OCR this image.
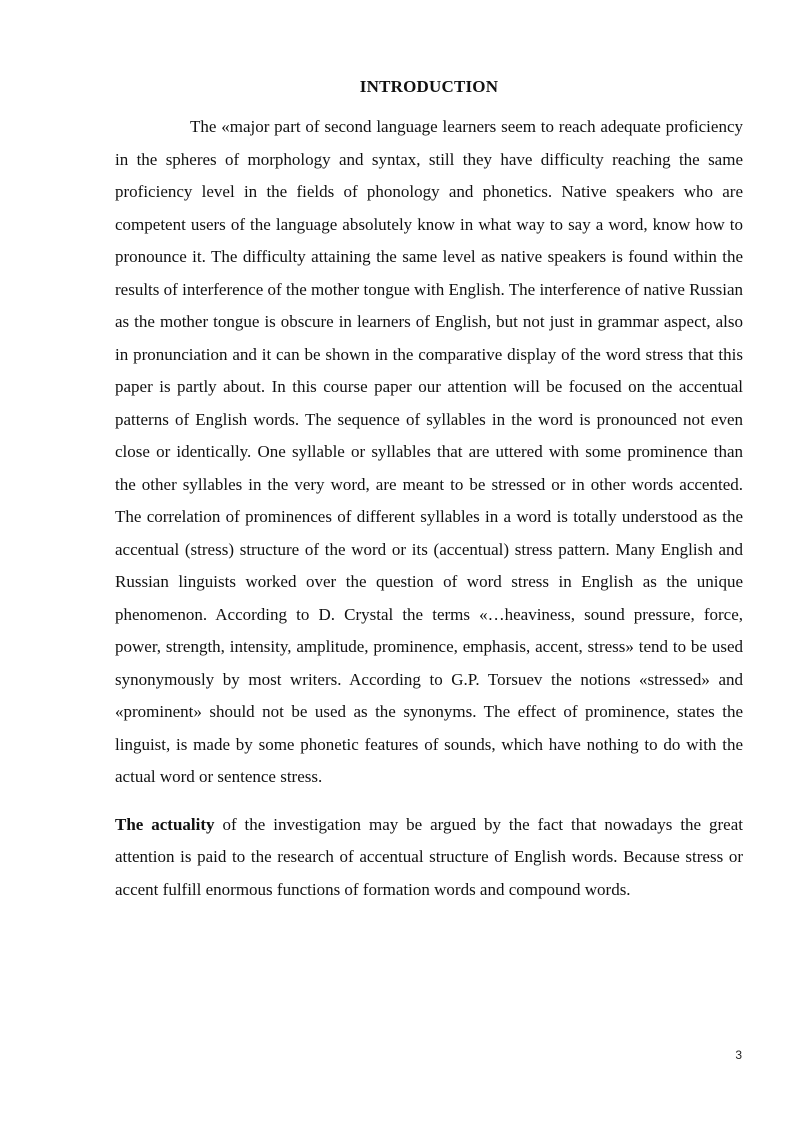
INTRODUCTION

The «major part of second language learners seem to reach adequate proficiency in the spheres of morphology and syntax, still they have difficulty reaching the same proficiency level in the fields of phonology and phonetics. Native speakers who are competent users of the language absolutely know in what way to say a word, know how to pronounce it. The difficulty attaining the same level as native speakers is found within the results of interference of the mother tongue with English. The interference of native Russian as the mother tongue is obscure in learners of English, but not just in grammar aspect, also in pronunciation and it can be shown in the comparative display of the word stress that this paper is partly about. In this course paper our attention will be focused on the accentual patterns of English words. The sequence of syllables in the word is pronounced not even close or identically. One syllable or syllables that are uttered with some prominence than the other syllables in the very word, are meant to be stressed or in other words accented. The correlation of prominences of different syllables in a word is totally understood as the accentual (stress) structure of the word or its (accentual) stress pattern. Many English and Russian linguists worked over the question of word stress in English as the unique phenomenon. According to D. Crystal the terms «…heaviness, sound pressure, force, power, strength, intensity, amplitude, prominence, emphasis, accent, stress» tend to be used synonymously by most writers. According to G.P. Torsuev the notions «stressed» and «prominent» should not be used as the synonyms. The effect of prominence, states the linguist, is made by some phonetic features of sounds, which have nothing to do with the actual word or sentence stress.

The actuality of the investigation may be argued by the fact that nowadays the great attention is paid to the research of accentual structure of English words. Because stress or accent fulfill enormous functions of formation words and compound words.

3
